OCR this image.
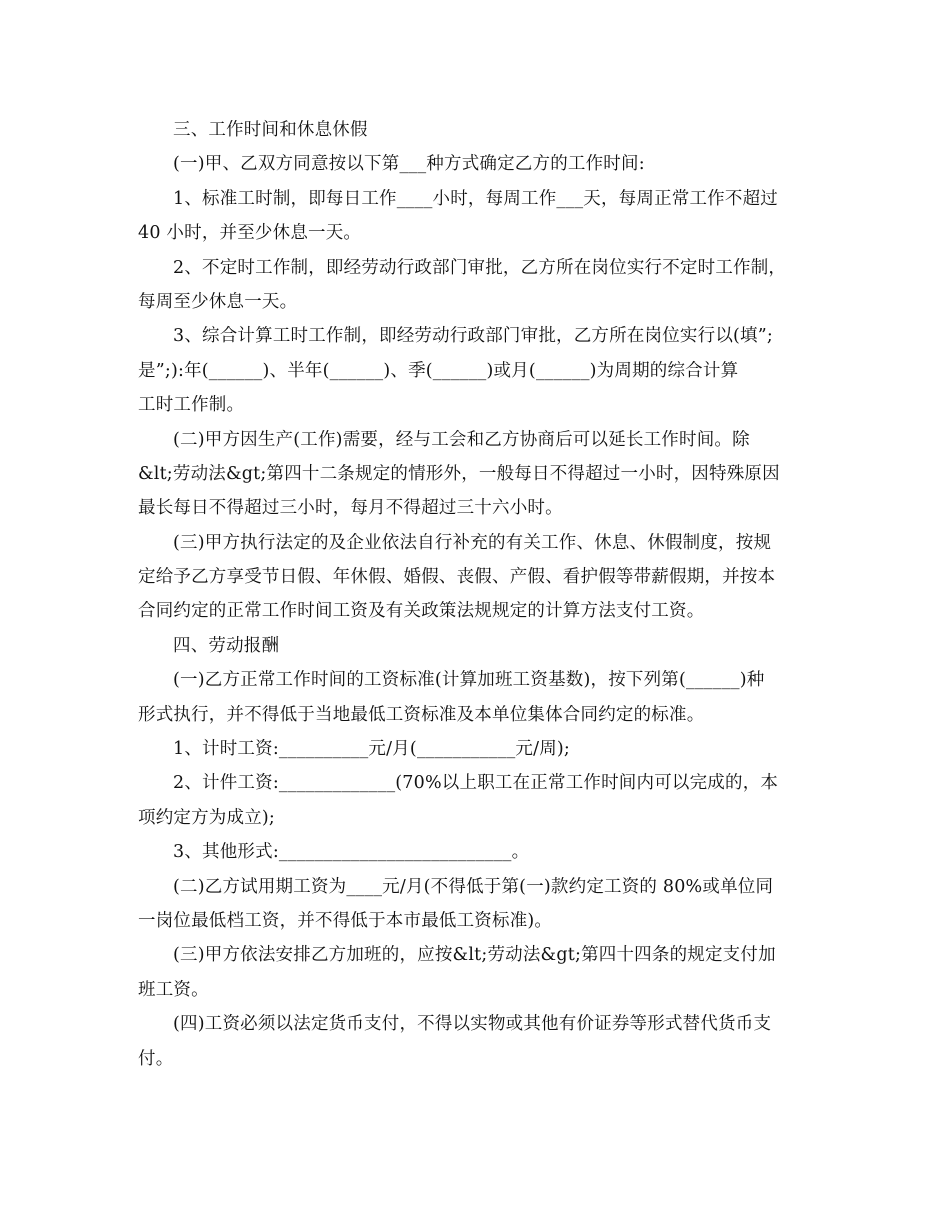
三、工作时间和休息休假
(一)甲、乙双方同意按以下第___种方式确定乙方的工作时间:
1、标准工时制，即每日工作____小时，每周工作___天，每周正常工作不超过
40 小时，并至少休息一天。
2、不定时工作制，即经劳动行政部门审批，乙方所在岗位实行不定时工作制，
每周至少休息一天。
3、综合计算工时工作制，即经劳动行政部门审批，乙方所在岗位实行以(填”;
是”;):年(______)、半年(______)、季(______)或月(______)为周期的综合计算
工时工作制。
(二)甲方因生产(工作)需要，经与工会和乙方协商后可以延长工作时间。除
&lt;劳动法&gt;第四十二条规定的情形外，一般每日不得超过一小时，因特殊原因
最长每日不得超过三小时，每月不得超过三十六小时。
(三)甲方执行法定的及企业依法自行补充的有关工作、休息、休假制度，按规
定给予乙方享受节日假、年休假、婚假、丧假、产假、看护假等带薪假期，并按本
合同约定的正常工作时间工资及有关政策法规规定的计算方法支付工资。
四、劳动报酬
(一)乙方正常工作时间的工资标准(计算加班工资基数)，按下列第(______)种
形式执行，并不得低于当地最低工资标准及本单位集体合同约定的标准。
1、计时工资:__________元/月(___________元/周);
2、计件工资:_____________(70%以上职工在正常工作时间内可以完成的，本
项约定方为成立);
3、其他形式:__________________________。
(二)乙方试用期工资为____元/月(不得低于第(一)款约定工资的 80%或单位同
一岗位最低档工资，并不得低于本市最低工资标准)。
(三)甲方依法安排乙方加班的，应按&lt;劳动法&gt;第四十四条的规定支付加
班工资。
(四)工资必须以法定货币支付，不得以实物或其他有价证券等形式替代货币支
付。
